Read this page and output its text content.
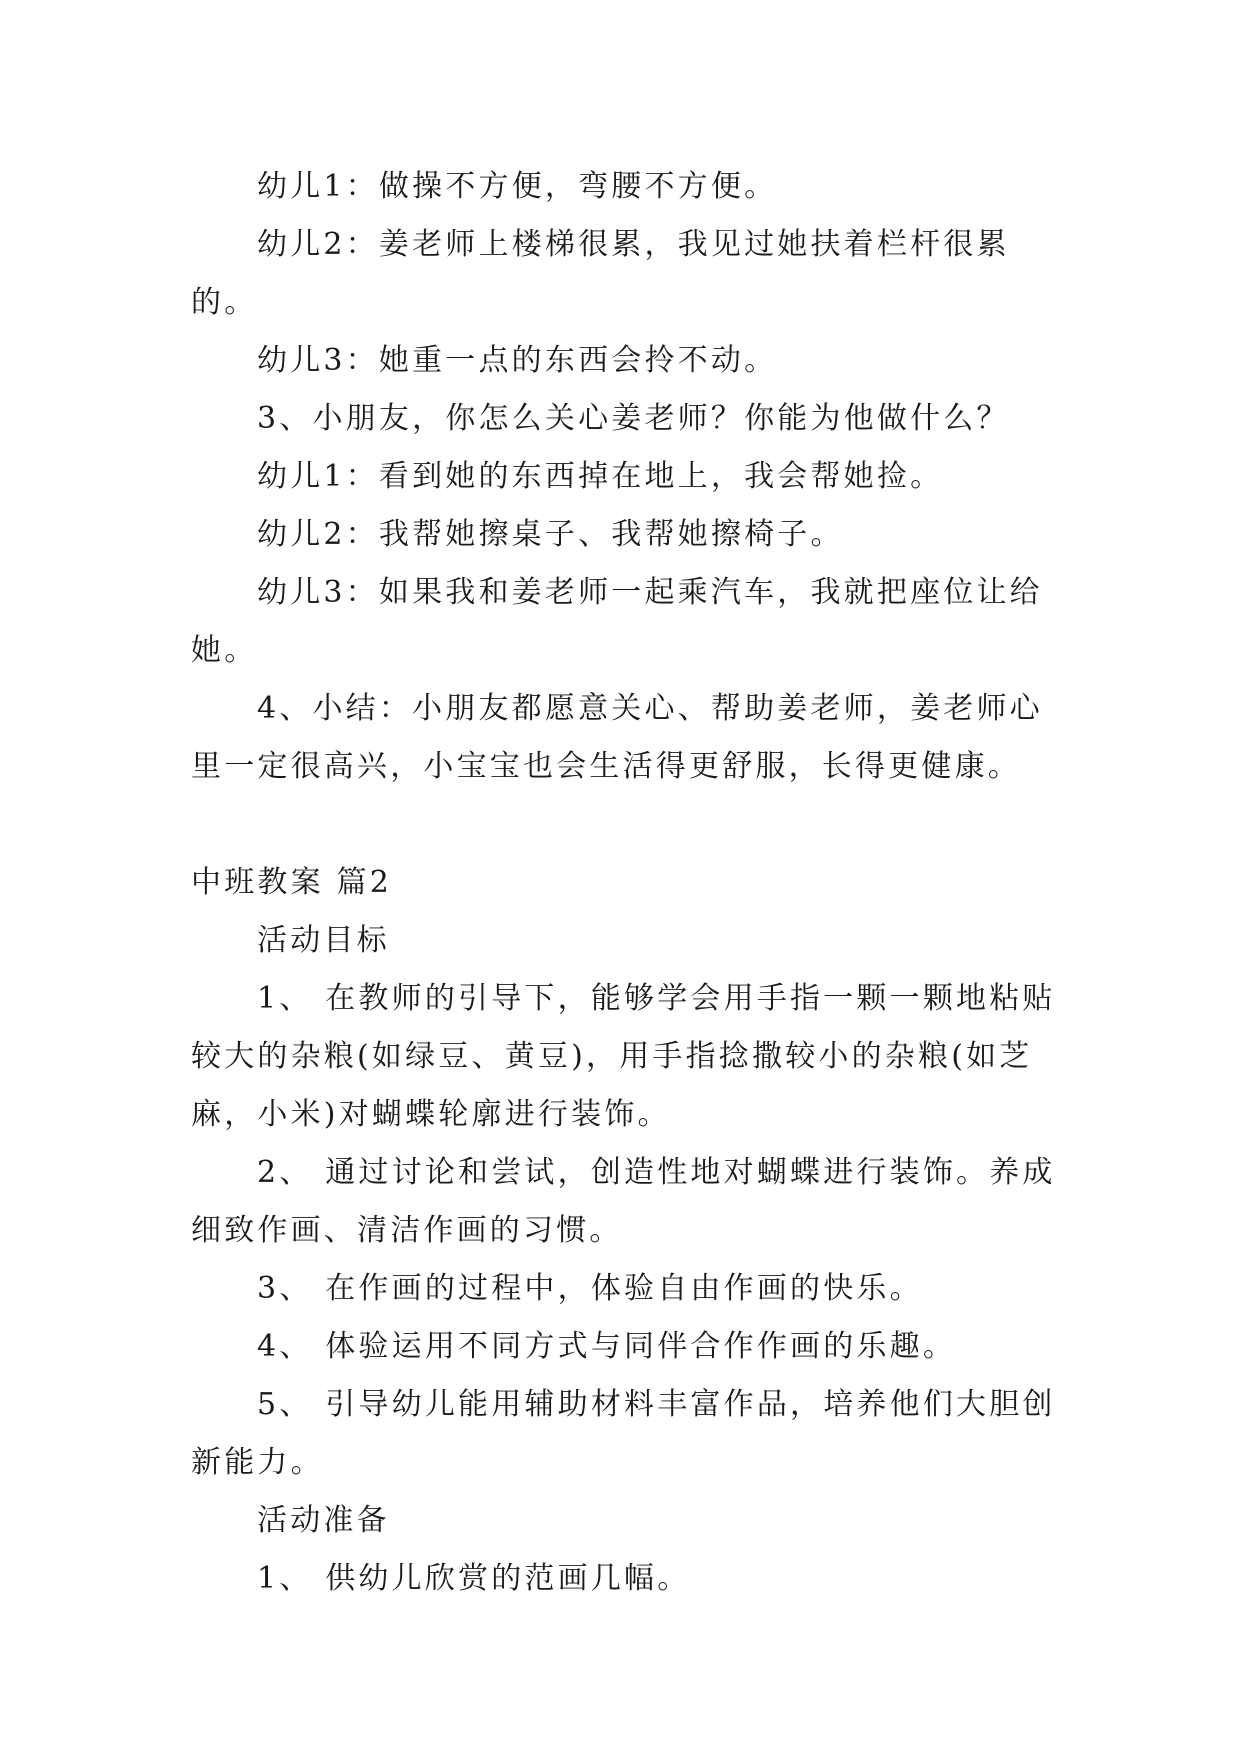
幼儿1：做操不方便，弯腰不方便。

幼儿2：姜老师上楼梯很累，我见过她扶着栏杆很累的。

幼儿3：她重一点的东西会拎不动。

3、小朋友，你怎么关心姜老师？你能为他做什么？

幼儿1：看到她的东西掉在地上，我会帮她捡。

幼儿2：我帮她擦桌子、我帮她擦椅子。

幼儿3：如果我和姜老师一起乘汽车，我就把座位让给她。

4、小结：小朋友都愿意关心、帮助姜老师，姜老师心里一定很高兴，小宝宝也会生活得更舒服，长得更健康。

中班教案 篇2

活动目标

1、 在教师的引导下，能够学会用手指一颗一颗地粘贴较大的杂粮(如绿豆、黄豆)，用手指捻撒较小的杂粮(如芝麻，小米)对蝴蝶轮廓进行装饰。

2、 通过讨论和尝试，创造性地对蝴蝶进行装饰。养成细致作画、清洁作画的习惯。

3、 在作画的过程中，体验自由作画的快乐。

4、 体验运用不同方式与同伴合作作画的乐趣。

5、 引导幼儿能用辅助材料丰富作品，培养他们大胆创新能力。

活动准备

1、 供幼儿欣赏的范画几幅。
